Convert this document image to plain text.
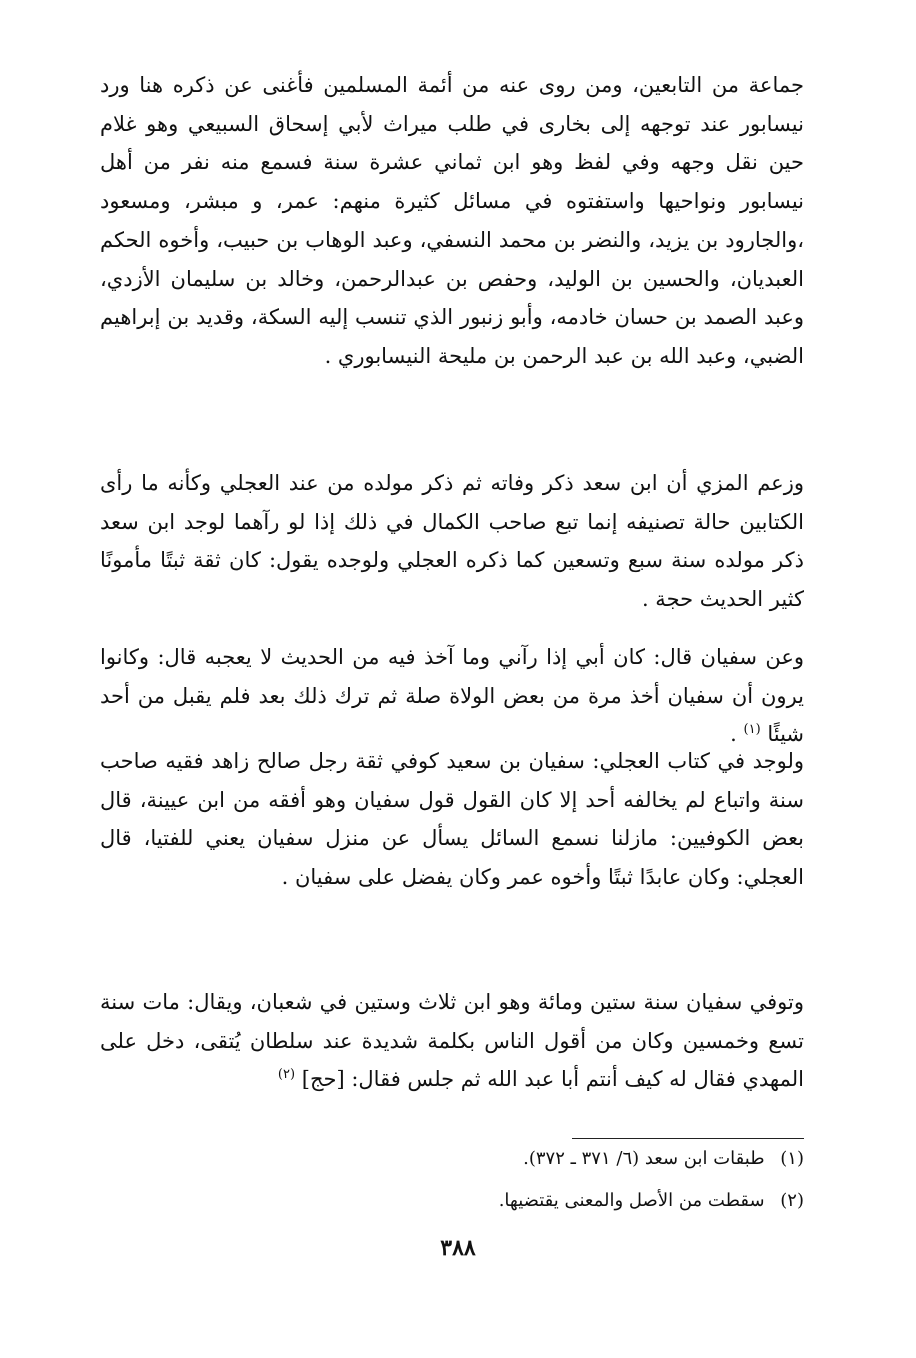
جماعة من التابعين، ومن روى عنه من أئمة المسلمين فأغنى عن ذكره هنا ورد نيسابور عند توجهه إلى بخارى في طلب ميراث لأبي إسحاق السبيعي وهو غلام حين نقل وجهه وفي لفظ وهو ابن ثماني عشرة سنة فسمع منه نفر من أهل نيسابور ونواحيها واستفتوه في مسائل كثيرة منهم: عمر، و مبشر، ومسعود ،والجارود بن يزيد، والنضر بن محمد النسفي، وعبد الوهاب بن حبيب، وأخوه الحكم العبديان، والحسين بن الوليد، وحفص بن عبدالرحمن، وخالد بن سليمان الأزدي، وعبد الصمد بن حسان خادمه، وأبو زنبور الذي تنسب إليه السكة، وقديد بن إبراهيم الضبي، وعبد الله بن عبد الرحمن بن مليحة النيسابوري .

وزعم المزي أن ابن سعد ذكر وفاته ثم ذكر مولده من عند العجلي وكأنه ما رأى الكتابين حالة تصنيفه إنما تبع صاحب الكمال في ذلك إذا لو رآهما لوجد ابن سعد ذكر مولده سنة سبع وتسعين كما ذكره العجلي ولوجده يقول: كان ثقة ثبتًا مأمونًا كثير الحديث حجة .

وعن سفيان قال: كان أبي إذا رآني وما آخذ فيه من الحديث لا يعجبه قال: وكانوا يرون أن سفيان أخذ مرة من بعض الولاة صلة ثم ترك ذلك بعد فلم يقبل من أحد شيئًا $^{(١)}$ .

ولوجد في كتاب العجلي: سفيان بن سعيد كوفي ثقة رجل صالح زاهد فقيه صاحب سنة واتباع لم يخالفه أحد إلا كان القول قول سفيان وهو أفقه من ابن عيينة، قال بعض الكوفيين: مازلنا نسمع السائل يسأل عن منزل سفيان يعني للفتيا، قال العجلي: وكان عابدًا ثبتًا وأخوه عمر وكان يفضل على سفيان .

وتوفي سفيان سنة ستين ومائة وهو ابن ثلاث وستين في شعبان، ويقال: مات سنة تسع وخمسين وكان من أقول الناس بكلمة شديدة عند سلطان يُتقى، دخل على المهدي فقال له كيف أنتم أبا عبد الله ثم جلس فقال: [حج] $^{(٢)}$

(١) طبقات ابن سعد (٦/ ٣٧١ ـ ٣٧٢).

(٢) سقطت من الأصل والمعنى يقتضيها.

٣٨٨
